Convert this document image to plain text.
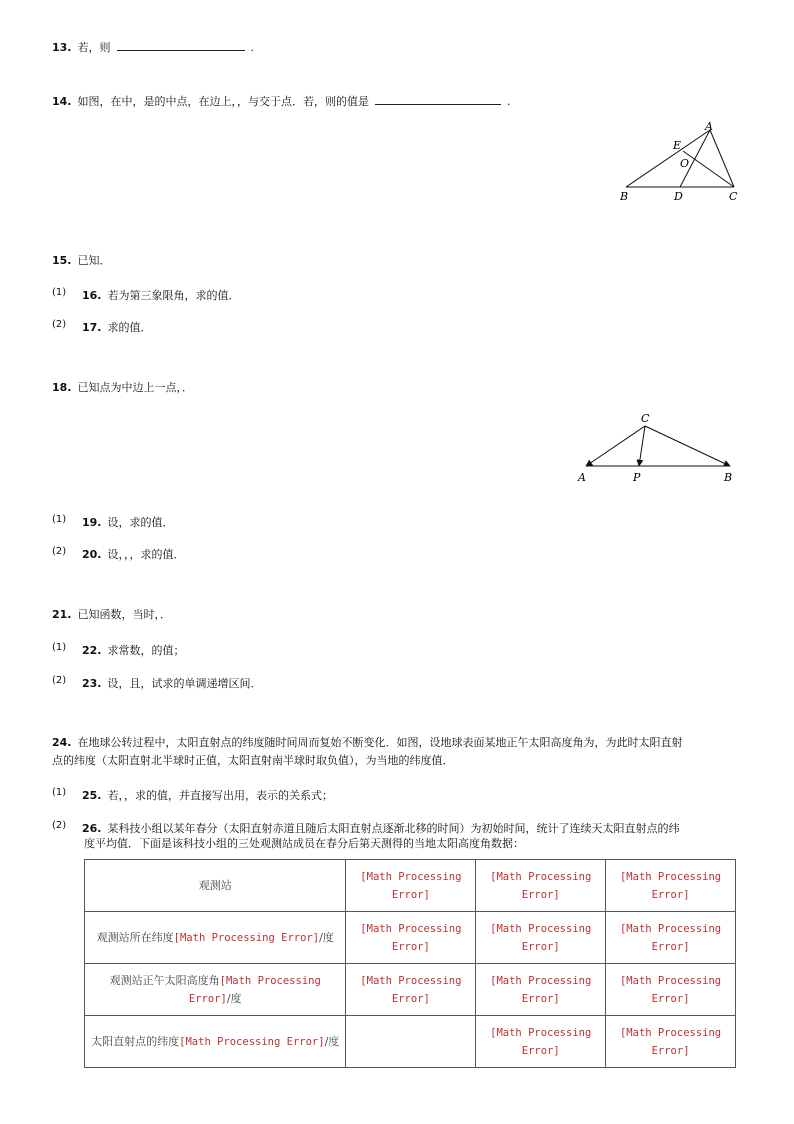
13. 若，则	.
14. 如图，在中，是的中点，在边上，，与交于点．若，则的值是	.
A
E
O
B	D	C
15. 已知．
(1) 16. 若为第三象限角，求的值．
(2) 17. 求的值．
18. 已知点为中边上一点，．
C
A	P	B
(1) 19. 设，求的值．
(2) 20. 设，，，求的值．
21. 已知函数，当时，．
(1) 22. 求常数，的值；
(2) 23. 设，且，试求的单调递增区间．
24. 在地球公转过程中，太阳直射点的纬度随时间周而复始不断变化．如图，设地球表面某地正午太阳高度角为，为此时太阳直射
点的纬度（太阳直射北半球时正值，太阳直射南半球时取负值），为当地的纬度值．
(1) 25. 若，，求的值，并直接写出用，表示的关系式；
(2) 26. 某科技小组以某年春分（太阳直射赤道且随后太阳直射点逐渐北移的时间）为初始时间，统计了连续天太阳直射点的纬
度平均值．下面是该科技小组的三处观测站成员在春分后第天测得的当地太阳高度角数据：
观测站	[Math Processing
Error]	[Math Processing
Error]	[Math Processing
Error]
观测站所在纬度[Math Processing Error]/度	[Math Processing
Error]	[Math Processing
Error]	[Math Processing
Error]
观测站正午太阳高度角[Math Processing
Error]/度	[Math Processing
Error]	[Math Processing
Error]	[Math Processing
Error]
太阳直射点的纬度[Math Processing Error]/度		[Math Processing
Error]	[Math Processing
Error]
